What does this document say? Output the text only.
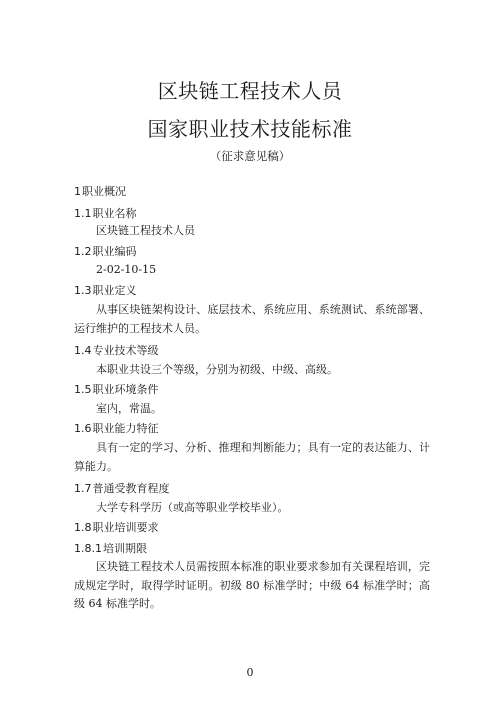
区块链工程技术人员
国家职业技术技能标准
（征求意见稿）
1职业概况
1.1职业名称
区块链工程技术人员
1.2职业编码
2-02-10-15
1.3职业定义
从事区块链架构设计、底层技术、系统应用、系统测试、系统部署、运行维护的工程技术人员。
1.4专业技术等级
本职业共设三个等级，分别为初级、中级、高级。
1.5职业环境条件
室内，常温。
1.6职业能力特征
具有一定的学习、分析、推理和判断能力；具有一定的表达能力、计算能力。
1.7普通受教育程度
大学专科学历（或高等职业学校毕业）。
1.8职业培训要求
1.8.1培训期限
区块链工程技术人员需按照本标准的职业要求参加有关课程培训，完成规定学时，取得学时证明。初级 80 标准学时；中级 64 标准学时；高级 64 标准学时。
0
